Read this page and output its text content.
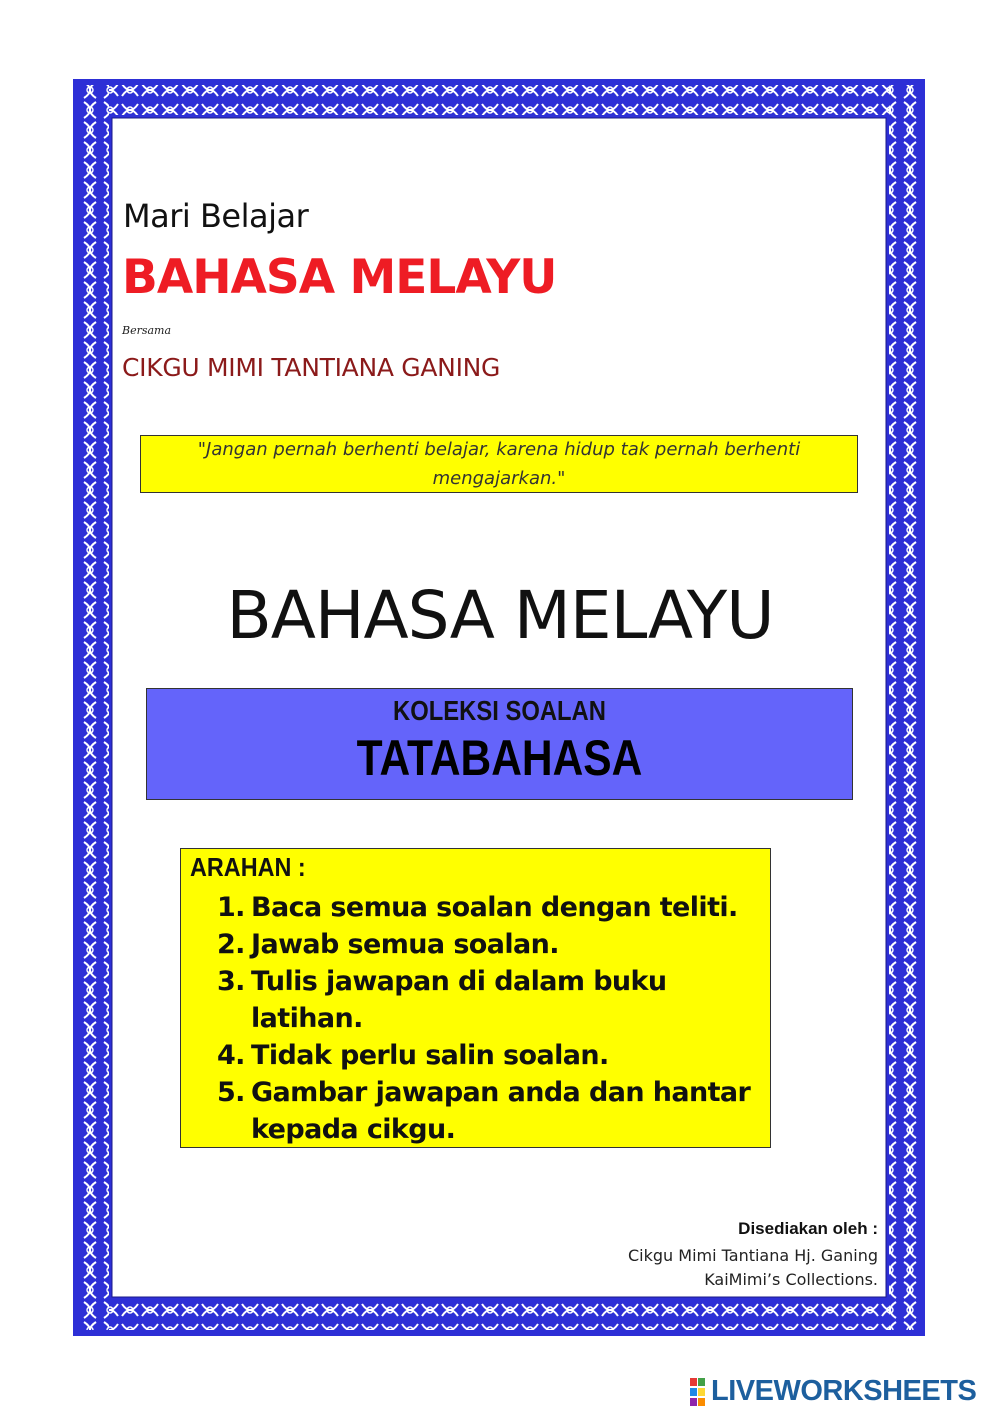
Mari Belajar
BAHASA MELAYU
Bersama
CIKGU MIMI TANTIANA GANING
"Jangan pernah berhenti belajar, karena hidup tak pernah berhenti mengajarkan."
BAHASA MELAYU
KOLEKSI SOALAN
TATABAHASA
ARAHAN :
1. Baca semua soalan dengan teliti.
2. Jawab semua soalan.
3. Tulis jawapan di dalam buku latihan.
4. Tidak perlu salin soalan.
5. Gambar jawapan anda dan hantar kepada cikgu.
Disediakan oleh :
Cikgu Mimi Tantiana Hj. Ganing
KaiMimi’s Collections.
LIVEWORKSHEETS
